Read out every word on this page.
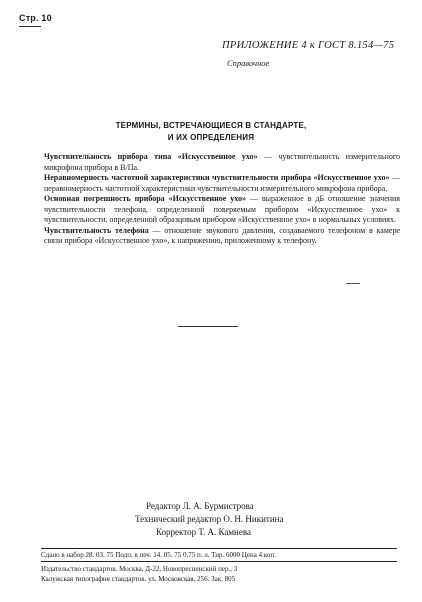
Стр. 10
ПРИЛОЖЕНИЕ 4 к ГОСТ 8.154—75
Справочное
ТЕРМИНЫ, ВСТРЕЧАЮЩИЕСЯ В СТАНДАРТЕ,
И ИХ ОПРЕДЕЛЕНИЯ

Чувствительность прибора типа «Искусственное ухо» — чувствительность измерительного микрофона прибора в В/Па.

Неравномерность частотной характеристики чувствительности прибора «Искусственное ухо» — неравномерность частотной характеристики чувствительности измерительного микрофона прибора.

Основная погрешность прибора «Искусственное ухо» — выраженное в дБ отношение значения чувствительности телефона, определенной поверяемым прибором «Искусственное ухо» к чувствительности, определенной образцовым прибором «Искусственное ухо» в нормальных условиях.

Чувствительность телефона — отношение звукового давления, создаваемого телефоном в камере связи прибора «Искусственное ухо», к напряжению, приложенному к телефону.

Редактор Л. А. Бурмистрова
Технический редактор О. Н. Никитина
Корректор Т. А. Камнева
Сдано в набор 28. 03. 75 Подп. в печ. 14. 05. 75 0,75 п. л. Тир. 6000 Цена 4 коп.
Издательство стандартов. Москва, Д-22, Новопресненский пер., 3
Калужская типография стандартов. ул. Московская, 256. Зак. 805
